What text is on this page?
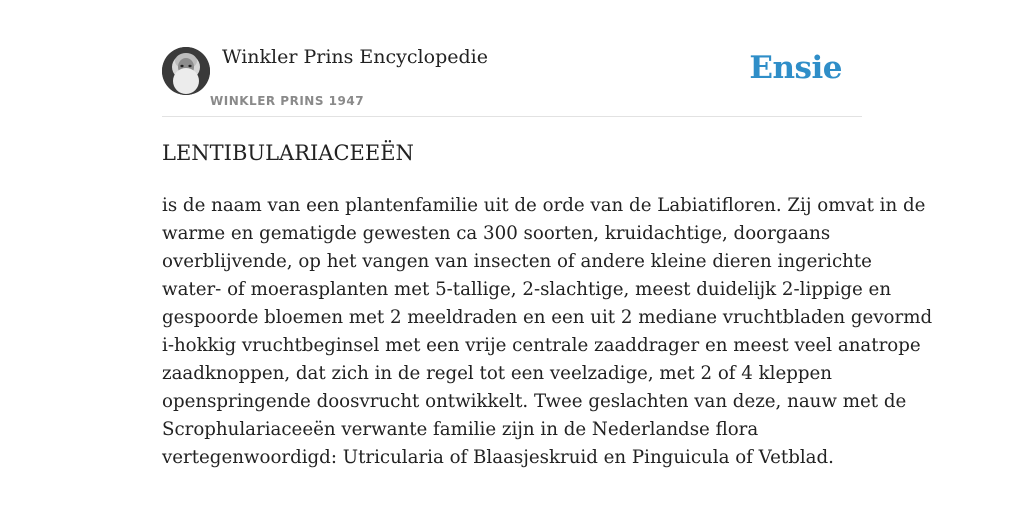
Winkler Prins Encyclopedie
WINKLER PRINS 1947
Ensie
LENTIBULARIACEEËN

is de naam van een plantenfamilie uit de orde van de Labiatifloren. Zij omvat in de
warme en gematigde gewesten ca 300 soorten, kruidachtige, doorgaans
overblijvende, op het vangen van insecten of andere kleine dieren ingerichte
water- of moerasplanten met 5-tallige, 2-slachtige, meest duidelijk 2-lippige en
gespoorde bloemen met 2 meeldraden en een uit 2 mediane vruchtbladen gevormd
i-hokkig vruchtbeginsel met een vrije centrale zaaddrager en meest veel anatrope
zaadknoppen, dat zich in de regel tot een veelzadige, met 2 of 4 kleppen
openspringende doosvrucht ontwikkelt. Twee geslachten van deze, nauw met de
Scrophulariaceeën verwante familie zijn in de Nederlandse flora
vertegenwoordigd: Utricularia of Blaasjeskruid en Pinguicula of Vetblad.
